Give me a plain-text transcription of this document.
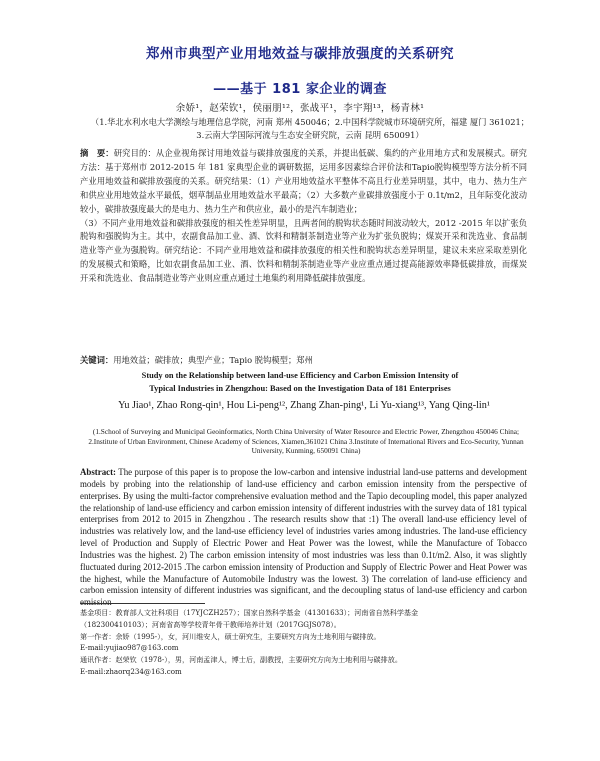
郑州市典型产业用地效益与碳排放强度的关系研究
——基于 181 家企业的调查
余娇¹，赵荣钦¹，侯丽朋¹²，张战平¹，李宇翔¹³，杨青林¹
（1.华北水利水电大学测绘与地理信息学院，河南 郑州 450046；2.中国科学院城市环境研究所，福建 厦门 361021；3.云南大学国际河流与生态安全研究院，云南 昆明 650091）

摘　要：研究目的：从企业视角探讨用地效益与碳排放强度的关系，并提出低碳、集约的产业用地方式和发展模式。研究方法：基于郑州市 2012-2015 年 181 家典型企业的调研数据，运用多因素综合评价法和Tapio脱钩模型等方法分析不同产业用地效益和碳排放强度的关系。研究结果：（1）产业用地效益水平整体不高且行业差异明显，其中，电力、热力生产和供应业用地效益水平最低，烟草制品业用地效益水平最高；（2）大多数产业碳排放强度小于 0.1t/m2，且年际变化波动较小，碳排放强度最大的是电力、热力生产和供应业，最小的是汽车制造业；

（3）不同产业用地效益和碳排放强度的相关性差异明显，且两者间的脱钩状态随时间波动较大，2012 -2015 年以扩张负脱钩和强脱钩为主。其中，农副食品加工业、酒、饮料和精制茶制造业等产业为扩张负脱钩；煤炭开采和洗选业、食品制造业等产业为强脱钩。研究结论：不同产业用地效益和碳排放强度的相关性和脱钩状态差异明显，建议未来应采取差别化的发展模式和策略，比如农副食品加工业、酒、饮料和精制茶制造业等产业应重点通过提高能源效率降低碳排放，而煤炭开采和洗选业、食品制造业等产业则应重点通过土地集约利用降低碳排放强度。

关键词：用地效益；碳排放；典型产业；Tapio 脱钩模型；郑州
Study on the Relationship between land-use Efficiency and Carbon Emission Intensity of
Typical Industries in Zhengzhou: Based on the Investigation Data of 181 Enterprises
Yu Jiao¹, Zhao Rong-qin¹, Hou Li-peng¹², Zhang Zhan-ping¹, Li Yu-xiang¹³, Yang Qing-lin¹
(1.School of Surveying and Municipal Geoinformatics, North China University of Water Resource and Electric Power, Zhengzhou 450046 China; 2.Institute of Urban Environment, Chinese Academy of Sciences, Xiamen,361021 China 3.Institute of International Rivers and Eco-Security, Yunnan University, Kunming, 650091 China)
Abstract: The purpose of this paper is to propose the low-carbon and intensive industrial land-use patterns and development models by probing into the relationship of land-use efficiency and carbon emission intensity from the perspective of enterprises. By using the multi-factor comprehensive evaluation method and the Tapio decoupling model, this paper analyzed the relationship of land-use efficiency and carbon emission intensity of different industries with the survey data of 181 typical enterprises from 2012 to 2015 in Zhengzhou . The research results show that :1) The overall land-use efficiency level of industries was relatively low, and the land-use efficiency level of industries varies among industries. The land-use efficiency level of Production and Supply of Electric Power and Heat Power was the lowest, while the Manufacture of Tobacco Industries was the highest. 2) The carbon emission intensity of most industries was less than 0.1t/m2. Also, it was slightly fluctuated during 2012-2015 .The carbon emission intensity of Production and Supply of Electric Power and Heat Power was the highest, while the Manufacture of Automobile Industry was the lowest. 3) The correlation of land-use efficiency and carbon emission intensity of different industries was significant, and the decoupling status of land-use efficiency and carbon emission
基金项目：教育部人文社科项目（17YJCZH257）；国家自然科学基金（41301633）；河南省自然科学基金
（182300410103）；河南省高等学校青年骨干教师培养计划（2017GGJS078）。
第一作者：余娇（1995-），女，河川维安人，硕士研究生，主要研究方向为土地利用与碳排放。
E-mail:yujiao987@163.com
通讯作者：赵荣钦（1978-），男，河南孟津人，博士后，副教授，主要研究方向为土地利用与碳排放。
E-mail:zhaorq234@163.com
